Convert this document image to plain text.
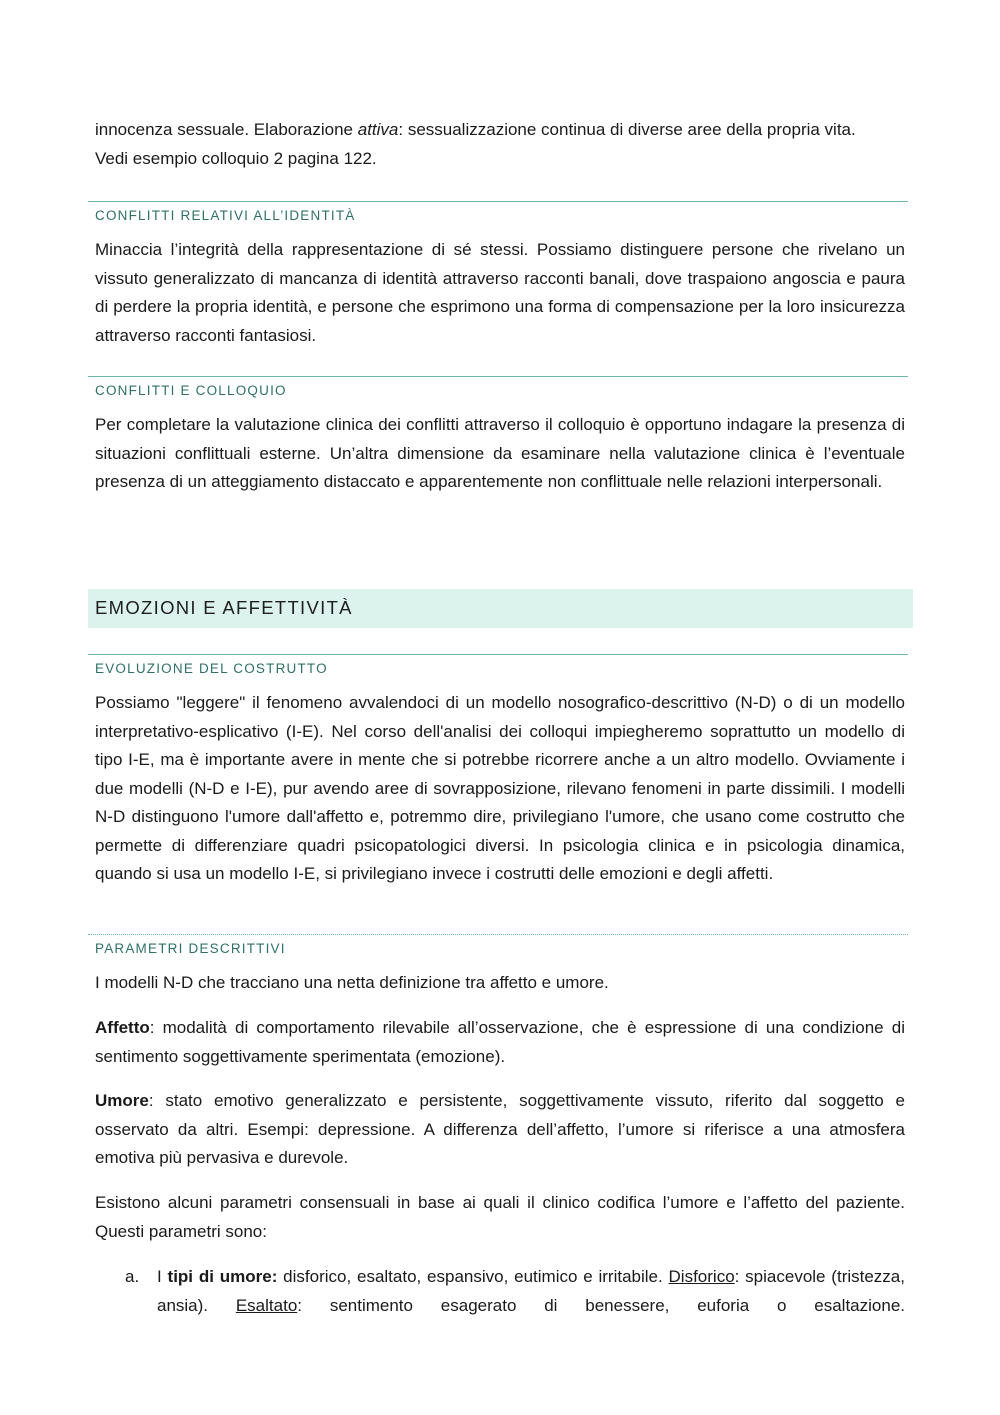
innocenza sessuale. Elaborazione attiva: sessualizzazione continua di diverse aree della propria vita.
Vedi esempio colloquio 2 pagina 122.

CONFLITTI RELATIVI ALL’IDENTITÀ

Minaccia l’integrità della rappresentazione di sé stessi. Possiamo distinguere persone che rivelano un vissuto generalizzato di mancanza di identità attraverso racconti banali, dove traspaiono angoscia e paura di perdere la propria identità, e persone che esprimono una forma di compensazione per la loro insicurezza attraverso racconti fantasiosi.

CONFLITTI E COLLOQUIO

Per completare la valutazione clinica dei conflitti attraverso il colloquio è opportuno indagare la presenza di situazioni conflittuali esterne. Un’altra dimensione da esaminare nella valutazione clinica è l’eventuale presenza di un atteggiamento distaccato e apparentemente non conflittuale nelle relazioni interpersonali.

EMOZIONI E AFFETTIVITÀ
EVOLUZIONE DEL COSTRUTTO

Possiamo "leggere" il fenomeno avvalendoci di un modello nosografico-descrittivo (N-D) o di un modello interpretativo-esplicativo (I-E). Nel corso dell'analisi dei colloqui impiegheremo soprattutto un modello di tipo I-E, ma è importante avere in mente che si potrebbe ricorrere anche a un altro modello. Ovviamente i due modelli (N-D e I-E), pur avendo aree di sovrapposizione, rilevano fenomeni in parte dissimili. I modelli N-D distinguono l'umore dall'affetto e, potremmo dire, privilegiano l'umore, che usano come costrutto che permette di differenziare quadri psicopatologici diversi. In psicologia clinica e in psicologia dinamica, quando si usa un modello I-E, si privilegiano invece i costrutti delle emozioni e degli affetti.

PARAMETRI DESCRITTIVI

I modelli N-D che tracciano una netta definizione tra affetto e umore.

Affetto: modalità di comportamento rilevabile all’osservazione, che è espressione di una condizione di sentimento soggettivamente sperimentata (emozione).

Umore: stato emotivo generalizzato e persistente, soggettivamente vissuto, riferito dal soggetto e osservato da altri. Esempi: depressione. A differenza dell’affetto, l’umore si riferisce a una atmosfera emotiva più pervasiva e durevole.

Esistono alcuni parametri consensuali in base ai quali il clinico codifica l’umore e l’affetto del paziente. Questi parametri sono:

a. I tipi di umore: disforico, esaltato, espansivo, eutimico e irritabile. Disforico: spiacevole (tristezza, ansia). Esaltato: sentimento esagerato di benessere, euforia o esaltazione.
